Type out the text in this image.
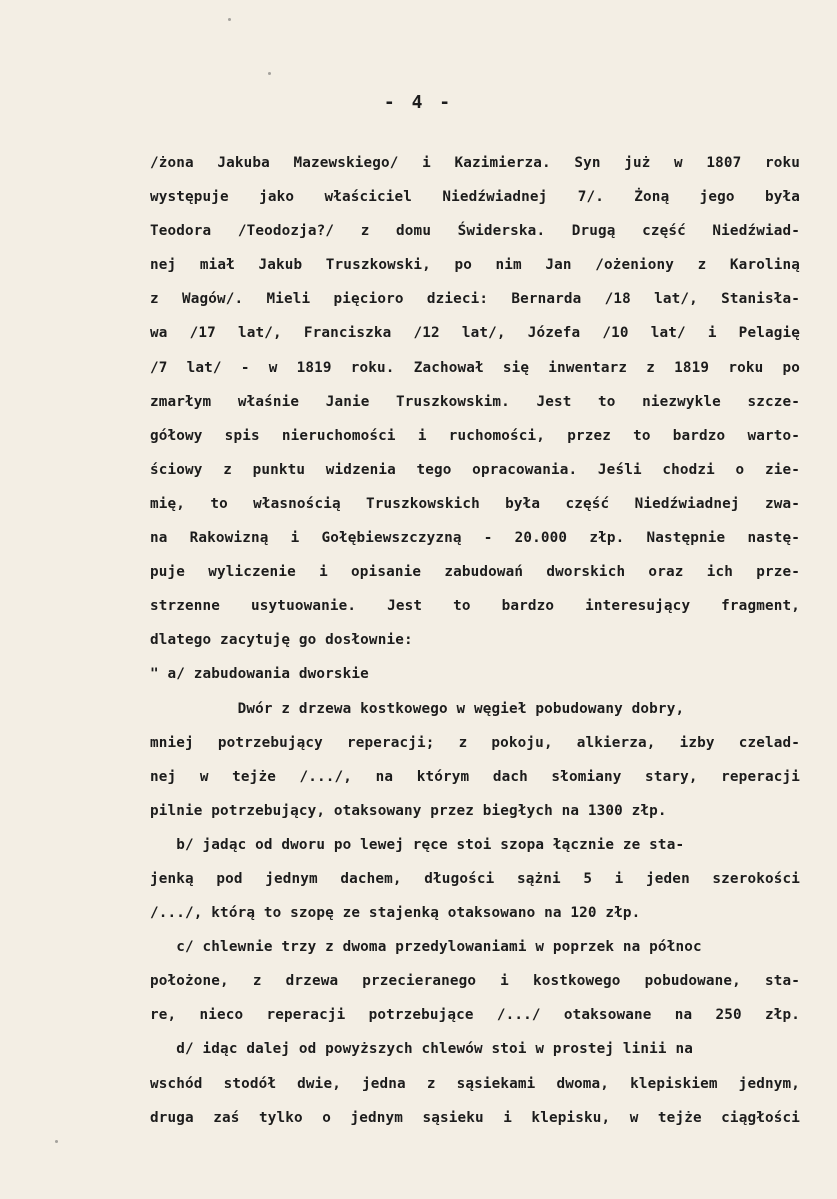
- 4 -
/żona Jakuba Mazewskiego/ i Kazimierza. Syn już w 1807 roku
występuje jako właściciel Niedźwiadnej 7/. Żoną jego była
Teodora /Teodozja?/ z domu Świderska. Drugą część Niedźwiad-
nej miał Jakub Truszkowski, po nim Jan /ożeniony z Karoliną
z Wagów/. Mieli pięcioro dzieci: Bernarda /18 lat/, Stanisła-
wa /17 lat/, Franciszka /12 lat/, Józefa /10 lat/ i Pelagię
/7 lat/ - w 1819 roku. Zachował się inwentarz z 1819 roku po
zmarłym właśnie Janie Truszkowskim. Jest to niezwykle szcze-
gółowy spis nieruchomości i ruchomości, przez to bardzo warto-
ściowy z punktu widzenia tego opracowania. Jeśli chodzi o zie-
mię, to własnością Truszkowskich była część Niedźwiadnej zwa-
na Rakowizną i Gołębiewszczyzną - 20.000 złp. Następnie nastę-
puje wyliczenie i opisanie zabudowań dworskich oraz ich prze-
strzenne usytuowanie. Jest to bardzo interesujący fragment,
dlatego zacytuję go dosłownie:
" a/ zabudowania dworskie
Dwór z drzewa kostkowego w węgieł pobudowany dobry,
mniej potrzebujący reperacji; z pokoju, alkierza, izby czelad-
nej w tejże /.../, na którym dach słomiany stary, reperacji
pilnie potrzebujący, otaksowany przez biegłych na 1300 złp.
b/ jadąc od dworu po lewej ręce stoi szopa łącznie ze sta-
jenką pod jednym dachem, długości sążni 5 i jeden szerokości
/.../, którą to szopę ze stajenką otaksowano na 120 złp.
c/ chlewnie trzy z dwoma przedylowaniami w poprzek na północ
położone, z drzewa przecieranego i kostkowego pobudowane, sta-
re, nieco reperacji potrzebujące /.../ otaksowane na 250 złp.
d/ idąc dalej od powyższych chlewów stoi w prostej linii na
wschód stodół dwie, jedna z sąsiekami dwoma, klepiskiem jednym,
druga zaś tylko o jednym sąsieku i klepisku, w tejże ciągłości
